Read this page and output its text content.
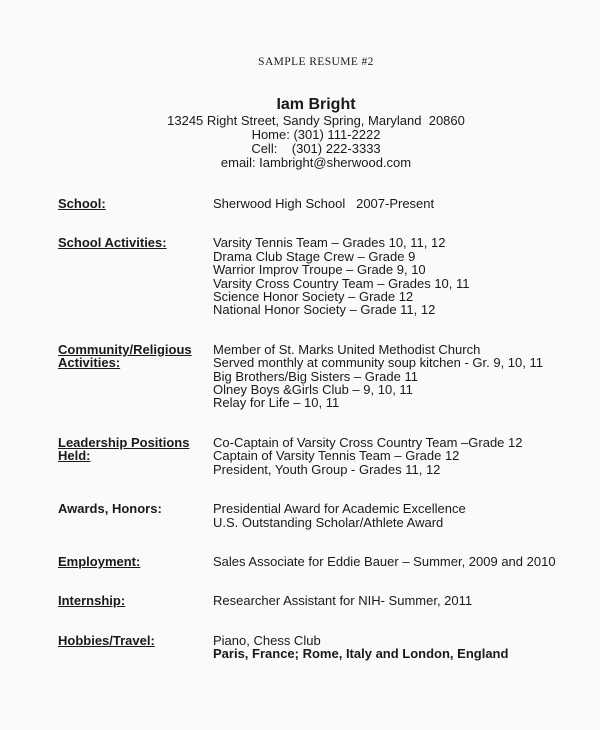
SAMPLE RESUME #2
Iam Bright
13245 Right Street, Sandy Spring, Maryland  20860
Home: (301) 111-2222
Cell:    (301) 222-3333
email: Iambright@sherwood.com
School:	Sherwood High School   2007-Present
School Activities:	Varsity Tennis Team – Grades 10, 11, 12
Drama Club Stage Crew – Grade 9
Warrior Improv Troupe – Grade 9, 10
Varsity Cross Country Team – Grades 10, 11
Science Honor Society – Grade 12
National Honor Society – Grade 11, 12
Community/Religious Activities:
Member of St. Marks United Methodist Church
Served monthly at community soup kitchen - Gr. 9, 10, 11
Big Brothers/Big Sisters – Grade 11
Olney Boys &Girls Club – 9, 10, 11
Relay for Life – 10, 11
Leadership Positions Held:
Co-Captain of Varsity Cross Country Team –Grade 12
Captain of Varsity Tennis Team – Grade 12
President, Youth Group - Grades 11, 12
Awards, Honors:	Presidential Award for Academic Excellence
U.S. Outstanding Scholar/Athlete Award
Employment:	Sales Associate for Eddie Bauer – Summer, 2009 and 2010
Internship:	Researcher Assistant for NIH- Summer, 2011
Hobbies/Travel:	Piano, Chess Club
Paris, France; Rome, Italy and London, England
